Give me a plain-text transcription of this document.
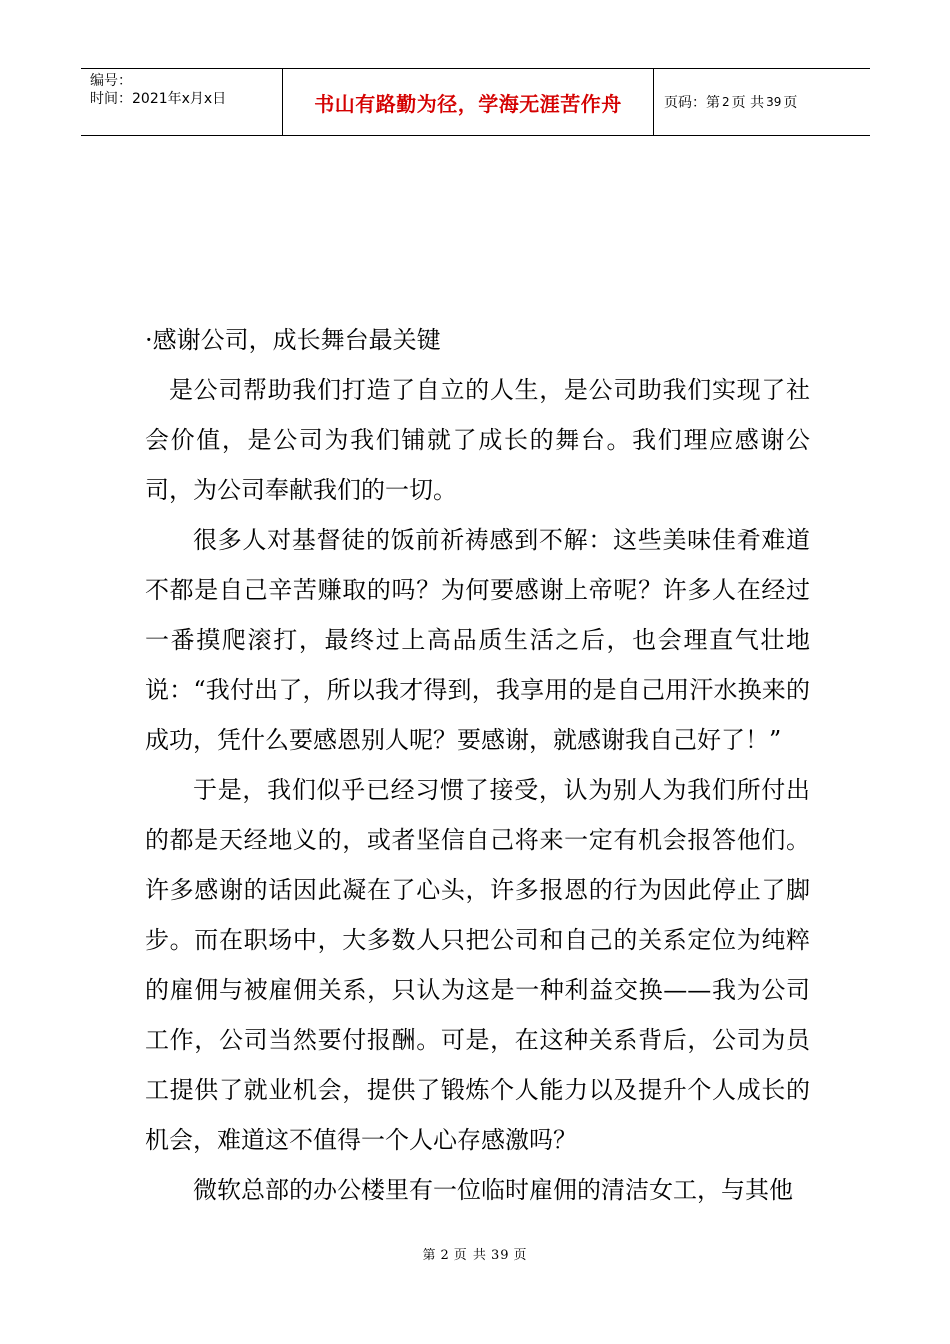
编号：
时间：2021年x月x日	书山有路勤为径，学海无涯苦作舟	页码：第 2 页 共 39 页

·感谢公司，成长舞台最关键

是公司帮助我们打造了自立的人生，是公司助我们实现了社会价值，是公司为我们铺就了成长的舞台。我们理应感谢公司，为公司奉献我们的一切。

很多人对基督徒的饭前祈祷感到不解：这些美味佳肴难道不都是自己辛苦赚取的吗？为何要感谢上帝呢？许多人在经过一番摸爬滚打，最终过上高品质生活之后，也会理直气壮地说：“我付出了，所以我才得到，我享用的是自己用汗水换来的成功，凭什么要感恩别人呢？要感谢，就感谢我自己好了！”

于是，我们似乎已经习惯了接受，认为别人为我们所付出的都是天经地义的，或者坚信自己将来一定有机会报答他们。许多感谢的话因此凝在了心头，许多报恩的行为因此停止了脚步。而在职场中，大多数人只把公司和自己的关系定位为纯粹的雇佣与被雇佣关系，只认为这是一种利益交换——我为公司工作，公司当然要付报酬。可是，在这种关系背后，公司为员工提供了就业机会，提供了锻炼个人能力以及提升个人成长的机会，难道这不值得一个人心存感激吗？

微软总部的办公楼里有一位临时雇佣的清洁女工，与其他

第 2 页 共 39 页
